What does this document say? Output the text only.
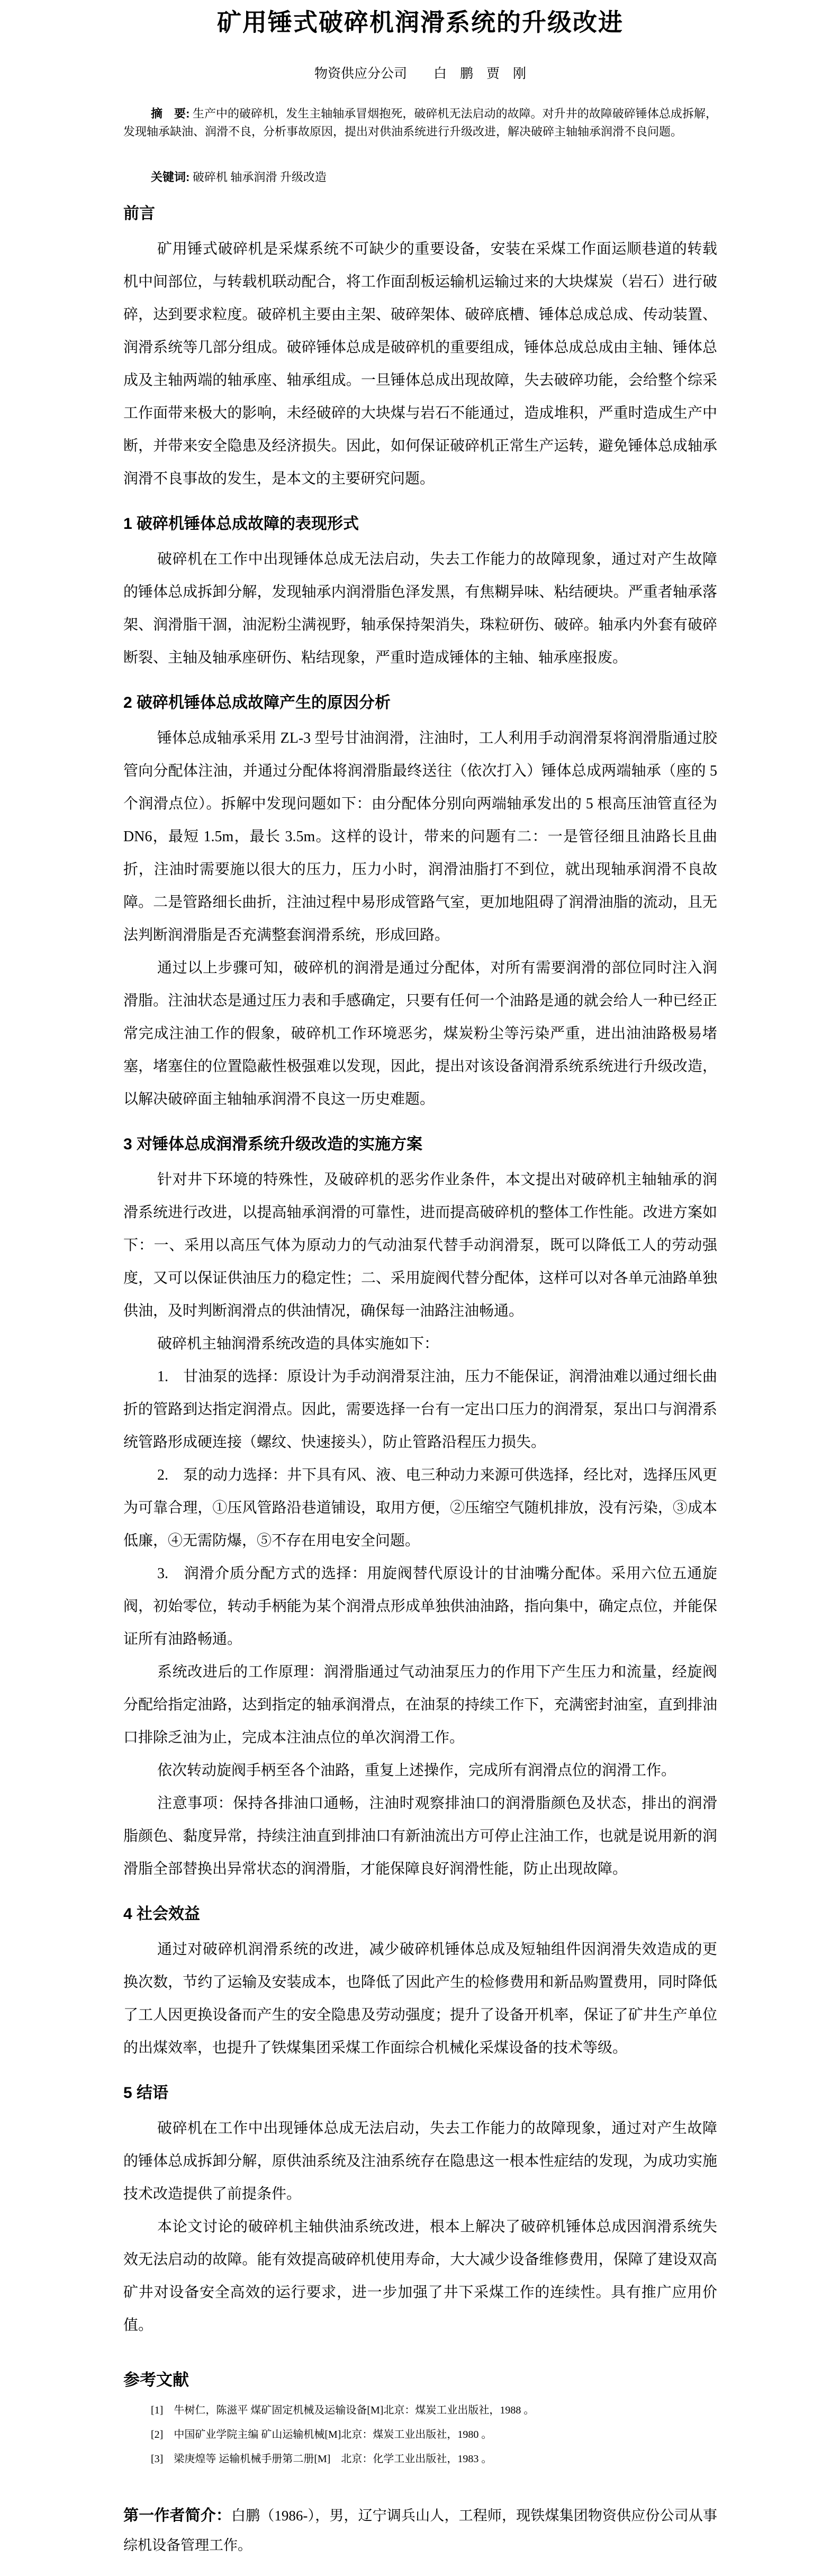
矿用锤式破碎机润滑系统的升级改进
物资供应分公司　　白　鹏　贾　刚

摘　要: 生产中的破碎机，发生主轴轴承冒烟抱死，破碎机无法启动的故障。对升井的故障破碎锤体总成拆解，发现轴承缺油、润滑不良，分析事故原因，提出对供油系统进行升级改进，解决破碎主轴轴承润滑不良问题。

关键词: 破碎机 轴承润滑 升级改造

前言

矿用锤式破碎机是采煤系统不可缺少的重要设备，安装在采煤工作面运顺巷道的转载机中间部位，与转载机联动配合，将工作面刮板运输机运输过来的大块煤炭（岩石）进行破碎，达到要求粒度。破碎机主要由主架、破碎架体、破碎底槽、锤体总成总成、传动装置、润滑系统等几部分组成。破碎锤体总成是破碎机的重要组成，锤体总成总成由主轴、锤体总成及主轴两端的轴承座、轴承组成。一旦锤体总成出现故障，失去破碎功能，会给整个综采工作面带来极大的影响，未经破碎的大块煤与岩石不能通过，造成堆积，严重时造成生产中断，并带来安全隐患及经济损失。因此，如何保证破碎机正常生产运转，避免锤体总成轴承润滑不良事故的发生，是本文的主要研究问题。

1 破碎机锤体总成故障的表现形式

破碎机在工作中出现锤体总成无法启动，失去工作能力的故障现象，通过对产生故障的锤体总成拆卸分解，发现轴承内润滑脂色泽发黑，有焦糊异味、粘结硬块。严重者轴承落架、润滑脂干涸，油泥粉尘满视野，轴承保持架消失，珠粒研伤、破碎。轴承内外套有破碎断裂、主轴及轴承座研伤、粘结现象，严重时造成锤体的主轴、轴承座报废。

2 破碎机锤体总成故障产生的原因分析

锤体总成轴承采用 ZL-3 型号甘油润滑，注油时，工人利用手动润滑泵将润滑脂通过胶管向分配体注油，并通过分配体将润滑脂最终送往（依次打入）锤体总成两端轴承（座的 5 个润滑点位）。拆解中发现问题如下：由分配体分别向两端轴承发出的 5 根高压油管直径为 DN6，最短 1.5m，最长 3.5m。这样的设计，带来的问题有二：一是管径细且油路长且曲折，注油时需要施以很大的压力，压力小时，润滑油脂打不到位，就出现轴承润滑不良故障。二是管路细长曲折，注油过程中易形成管路气室，更加地阻碍了润滑油脂的流动，且无法判断润滑脂是否充满整套润滑系统，形成回路。

通过以上步骤可知，破碎机的润滑是通过分配体，对所有需要润滑的部位同时注入润滑脂。注油状态是通过压力表和手感确定，只要有任何一个油路是通的就会给人一种已经正常完成注油工作的假象，破碎机工作环境恶劣，煤炭粉尘等污染严重，进出油油路极易堵塞，堵塞住的位置隐蔽性极强难以发现，因此，提出对该设备润滑系统系统进行升级改造，以解决破碎面主轴轴承润滑不良这一历史难题。

3 对锤体总成润滑系统升级改造的实施方案

针对井下环境的特殊性，及破碎机的恶劣作业条件，本文提出对破碎机主轴轴承的润滑系统进行改进，以提高轴承润滑的可靠性，进而提高破碎机的整体工作性能。改进方案如下：一、采用以高压气体为原动力的气动油泵代替手动润滑泵，既可以降低工人的劳动强度，又可以保证供油压力的稳定性；二、采用旋阀代替分配体，这样可以对各单元油路单独供油，及时判断润滑点的供油情况，确保每一油路注油畅通。

破碎机主轴润滑系统改造的具体实施如下：

1.　甘油泵的选择：原设计为手动润滑泵注油，压力不能保证，润滑油难以通过细长曲折的管路到达指定润滑点。因此，需要选择一台有一定出口压力的润滑泵，泵出口与润滑系统管路形成硬连接（螺纹、快速接头），防止管路沿程压力损失。

2.　泵的动力选择：井下具有风、液、电三种动力来源可供选择，经比对，选择压风更为可靠合理，①压风管路沿巷道铺设，取用方便，②压缩空气随机排放，没有污染，③成本低廉，④无需防爆，⑤不存在用电安全问题。

3.　润滑介质分配方式的选择：用旋阀替代原设计的甘油嘴分配体。采用六位五通旋阀，初始零位，转动手柄能为某个润滑点形成单独供油油路，指向集中，确定点位，并能保证所有油路畅通。

系统改进后的工作原理：润滑脂通过气动油泵压力的作用下产生压力和流量，经旋阀分配给指定油路，达到指定的轴承润滑点，在油泵的持续工作下，充满密封油室，直到排油口排除乏油为止，完成本注油点位的单次润滑工作。

依次转动旋阀手柄至各个油路，重复上述操作，完成所有润滑点位的润滑工作。

注意事项：保持各排油口通畅，注油时观察排油口的润滑脂颜色及状态，排出的润滑脂颜色、黏度异常，持续注油直到排油口有新油流出方可停止注油工作，也就是说用新的润滑脂全部替换出异常状态的润滑脂，才能保障良好润滑性能，防止出现故障。

4 社会效益

通过对破碎机润滑系统的改进，减少破碎机锤体总成及短轴组件因润滑失效造成的更换次数，节约了运输及安装成本，也降低了因此产生的检修费用和新品购置费用，同时降低了工人因更换设备而产生的安全隐患及劳动强度；提升了设备开机率，保证了矿井生产单位的出煤效率，也提升了铁煤集团采煤工作面综合机械化采煤设备的技术等级。

5 结语

破碎机在工作中出现锤体总成无法启动，失去工作能力的故障现象，通过对产生故障的锤体总成拆卸分解，原供油系统及注油系统存在隐患这一根本性症结的发现，为成功实施技术改造提供了前提条件。

本论文讨论的破碎机主轴供油系统改进，根本上解决了破碎机锤体总成因润滑系统失效无法启动的故障。能有效提高破碎机使用寿命，大大减少设备维修费用，保障了建设双高矿井对设备安全高效的运行要求，进一步加强了井下采煤工作的连续性。具有推广应用价值。

参考文献

[1]　牛树仁，陈滋平 煤矿固定机械及运输设备[M]北京：煤炭工业出版社，1988 。

[2]　中国矿业学院主编 矿山运输机械[M]北京：煤炭工业出版社，1980 。

[3]　梁庚煌等 运输机械手册第二册[M]　北京：化学工业出版社，1983 。

第一作者简介：白鹏（1986-），男，辽宁调兵山人，工程师，现铁煤集团物资供应份公司从事综机设备管理工作。
